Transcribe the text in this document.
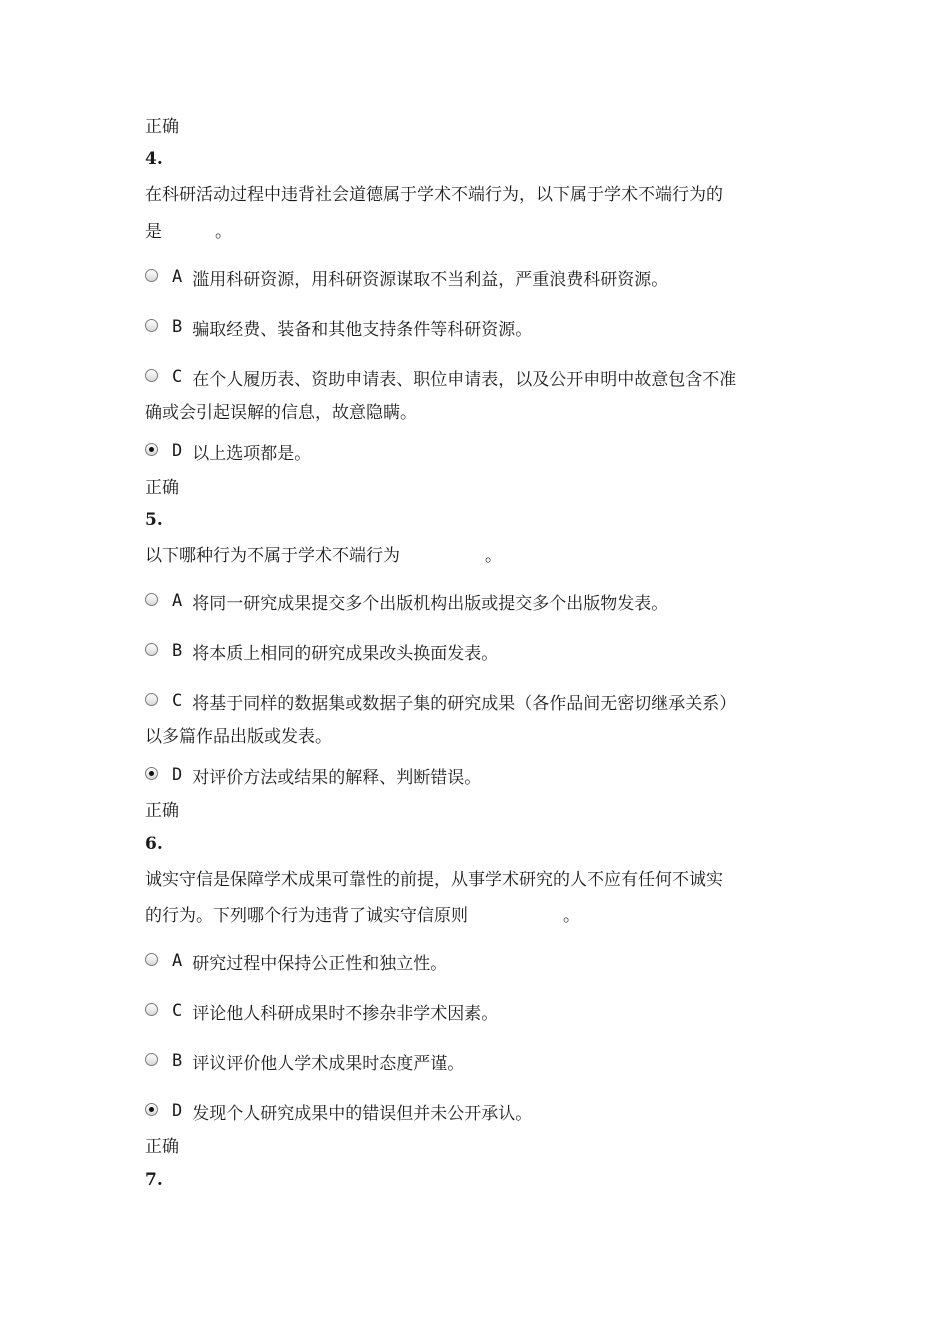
正确
4.
在科研活动过程中违背社会道德属于学术不端行为，以下属于学术不端行为的
是	。
A 滥用科研资源，用科研资源谋取不当利益，严重浪费科研资源。
B 骗取经费、装备和其他支持条件等科研资源。
C 在个人履历表、资助申请表、职位申请表，以及公开申明中故意包含不准
确或会引起误解的信息，故意隐瞒。
D 以上选项都是。
正确
5.
以下哪种行为不属于学术不端行为	。
A 将同一研究成果提交多个出版机构出版或提交多个出版物发表。
B 将本质上相同的研究成果改头换面发表。
C 将基于同样的数据集或数据子集的研究成果（各作品间无密切继承关系）
以多篇作品出版或发表。
D 对评价方法或结果的解释、判断错误。
正确
6.
诚实守信是保障学术成果可靠性的前提，从事学术研究的人不应有任何不诚实
的行为。下列哪个行为违背了诚实守信原则	。
A 研究过程中保持公正性和独立性。
C 评论他人科研成果时不掺杂非学术因素。
B 评议评价他人学术成果时态度严谨。
D 发现个人研究成果中的错误但并未公开承认。
正确
7.
